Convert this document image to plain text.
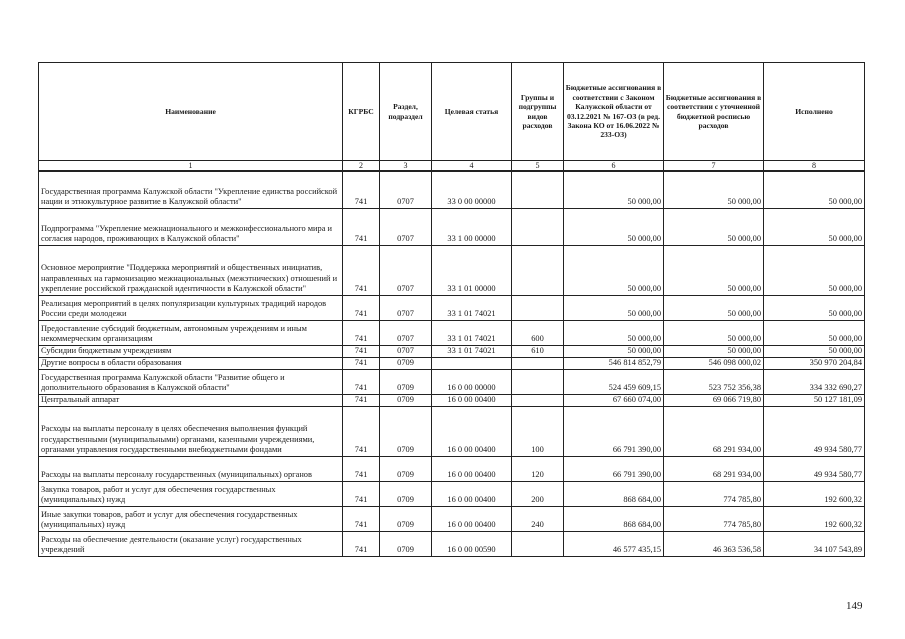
Наименование	КГРБС	Раздел, подраздел	Целевая статья	Группы и подгруппы видов расходов	Бюджетные ассигнования в соответствии с Законом Калужской области от 03.12.2021 № 167-ОЗ (в ред. Закона КО от 16.06.2022 № 233-ОЗ)	Бюджетные ассигнования в соответствии с уточненной бюджетной росписью расходов	Исполнено
1	2	3	4	5	6	7	8
Государственная программа Калужской области "Укрепление единства российской нации и этнокультурное развитие в Калужской области"	741	0707	33 0 00 00000		50 000,00	50 000,00	50 000,00
Подпрограмма "Укрепление межнационального и межконфессионального мира и согласия народов, проживающих в Калужской области"	741	0707	33 1 00 00000		50 000,00	50 000,00	50 000,00
Основное мероприятие "Поддержка мероприятий и общественных инициатив, направленных на гармонизацию межнациональных (межэтнических) отношений и укрепление российской гражданской идентичности в Калужской области"	741	0707	33 1 01 00000		50 000,00	50 000,00	50 000,00
Реализация мероприятий в целях популяризации культурных традиций народов России среди молодежи	741	0707	33 1 01 74021		50 000,00	50 000,00	50 000,00
Предоставление субсидий бюджетным, автономным учреждениям и иным некоммерческим организациям	741	0707	33 1 01 74021	600	50 000,00	50 000,00	50 000,00
Субсидии бюджетным учреждениям	741	0707	33 1 01 74021	610	50 000,00	50 000,00	50 000,00
Другие вопросы в области образования	741	0709			546 814 852,79	546 098 000,02	350 970 204,84
Государственная программа Калужской области "Развитие общего и дополнительного образования в Калужской области"	741	0709	16 0 00 00000		524 459 609,15	523 752 356,38	334 332 690,27
Центральный аппарат	741	0709	16 0 00 00400		67 660 074,00	69 066 719,80	50 127 181,09
Расходы на выплаты персоналу в целях обеспечения выполнения функций государственными (муниципальными) органами, казенными учреждениями, органами управления государственными внебюджетными фондами	741	0709	16 0 00 00400	100	66 791 390,00	68 291 934,00	49 934 580,77
Расходы на выплаты персоналу государственных (муниципальных) органов	741	0709	16 0 00 00400	120	66 791 390,00	68 291 934,00	49 934 580,77
Закупка товаров, работ и услуг для обеспечения государственных (муниципальных) нужд	741	0709	16 0 00 00400	200	868 684,00	774 785,80	192 600,32
Иные закупки товаров, работ и услуг для обеспечения государственных (муниципальных) нужд	741	0709	16 0 00 00400	240	868 684,00	774 785,80	192 600,32
Расходы на обеспечение деятельности (оказание услуг) государственных учреждений	741	0709	16 0 00 00590		46 577 435,15	46 363 536,58	34 107 543,89
149
